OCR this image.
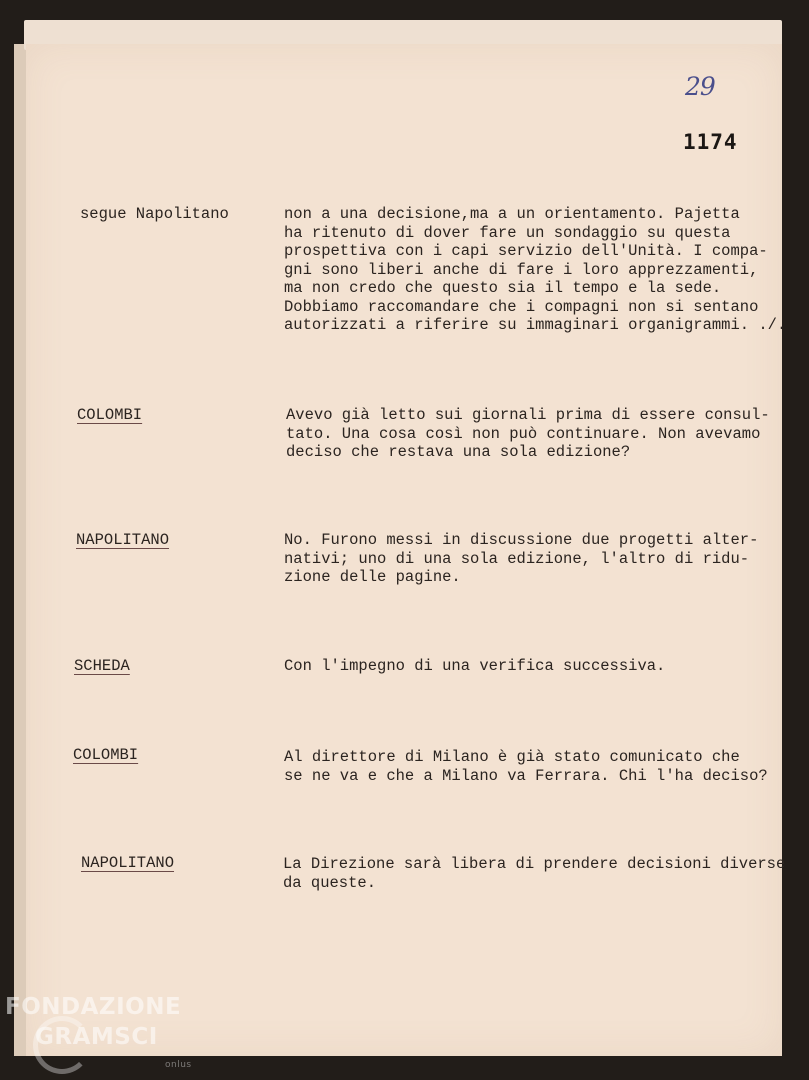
29
1174
segue Napolitano	non a una decisione,ma a un orientamento. Pajetta
ha ritenuto di dover fare un sondaggio su questa
prospettiva con i capi servizio dell'Unità. I compa-
gni sono liberi anche di fare i loro apprezzamenti,
ma non credo che questo sia il tempo e la sede.
Dobbiamo raccomandare che i compagni non si sentano
autorizzati a riferire su immaginari organigrammi. ./.
COLOMBI	Avevo già letto sui giornali prima di essere consul-
tato. Una cosa così non può continuare. Non avevamo
deciso che restava una sola edizione?
NAPOLITANO	No. Furono messi in discussione due progetti alter-
nativi; uno di una sola edizione, l'altro di ridu-
zione delle pagine.
SCHEDA	Con l'impegno di una verifica successiva.
COLOMBI	Al direttore di Milano è già stato comunicato che
se ne va e che a Milano va Ferrara. Chi l'ha deciso?
NAPOLITANO	La Direzione sarà libera di prendere decisioni diverse
da queste.
FONDAZIONE
GRAMSCI
onlus
